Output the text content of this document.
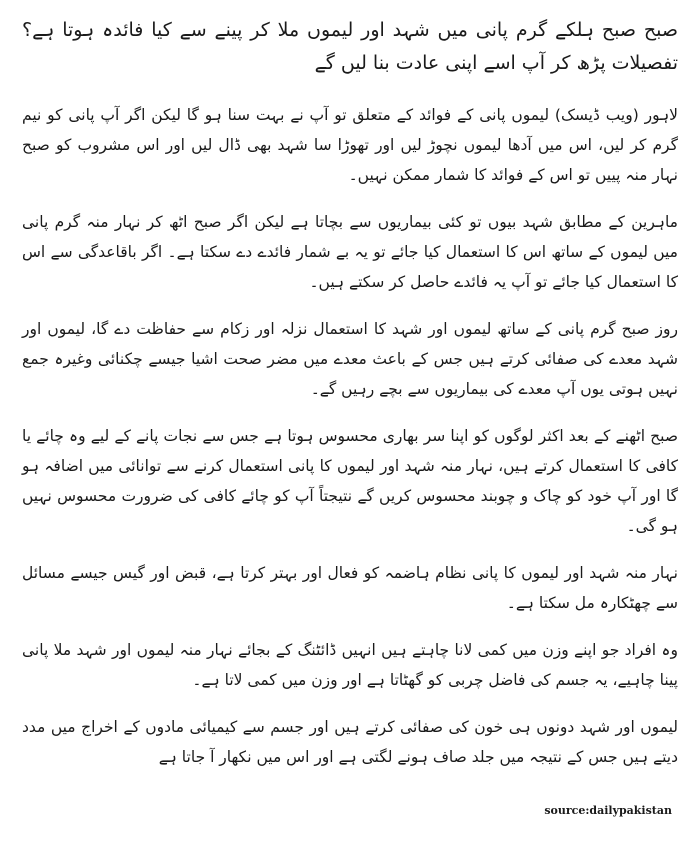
صبح صبح ہلکے گرم پانی میں شہد اور لیموں ملا کر پینے سے کیا فائدہ ہوتا ہے؟تفصیلات پڑھ کر آپ اسے اپنی عادت بنا لیں گے

لاہور (ویب ڈیسک) لیموں پانی کے فوائد کے متعلق تو آپ نے بہت سنا ہو گا لیکن اگر آپ پانی کو نیم گرم کر لیں، اس میں آدھا لیموں نچوڑ لیں اور تھوڑا سا شہد بھی ڈال لیں اور اس مشروب کو صبح نہار منہ پییں تو اس کے فوائد کا شمار ممکن نہیں۔

ماہرین کے مطابق شہد بیوں تو کئی بیماریوں سے بچاتا ہے لیکن اگر صبح اٹھ کر نہار منہ گرم پانی میں لیموں کے ساتھ اس کا استعمال کیا جائے تو یہ بے شمار فائدے دے سکتا ہے۔ اگر باقاعدگی سے اس کا استعمال کیا جائے تو آپ یہ فائدے حاصل کر سکتے ہیں۔

روز صبح گرم پانی کے ساتھ لیموں اور شہد کا استعمال نزلہ اور زکام سے حفاظت دے گا، لیموں اور شہد معدے کی صفائی کرتے ہیں جس کے باعث معدے میں مضر صحت اشیا جیسے چکنائی وغیرہ جمع نہیں ہوتی یوں آپ معدے کی بیماریوں سے بچے رہیں گے۔

صبح اٹھنے کے بعد اکثر لوگوں کو اپنا سر بھاری محسوس ہوتا ہے جس سے نجات پانے کے لیے وہ چائے یا کافی کا استعمال کرتے ہیں، نہار منہ شہد اور لیموں کا پانی استعمال کرنے سے توانائی میں اضافہ ہو گا اور آپ خود کو چاک و چوبند محسوس کریں گے نتیجتاً آپ کو چائے کافی کی ضرورت محسوس نہیں ہو گی۔

نہار منہ شہد اور لیموں کا پانی نظام ہاضمہ کو فعال اور بہتر کرتا ہے، قبض اور گیس جیسے مسائل سے چھٹکارہ مل سکتا ہے۔

وہ افراد جو اپنے وزن میں کمی لانا چاہتے ہیں انہیں ڈائٹنگ کے بجائے نہار منہ لیموں اور شہد ملا پانی پینا چاہیے، یہ جسم کی فاضل چربی کو گھٹاتا ہے اور وزن میں کمی لاتا ہے۔

لیموں اور شہد دونوں ہی خون کی صفائی کرتے ہیں اور جسم سے کیمیائی مادوں کے اخراج میں مدد دیتے ہیں جس کے نتیجہ میں جلد صاف ہونے لگتی ہے اور اس میں نکھار آ جاتا ہے

source:dailypakistan
